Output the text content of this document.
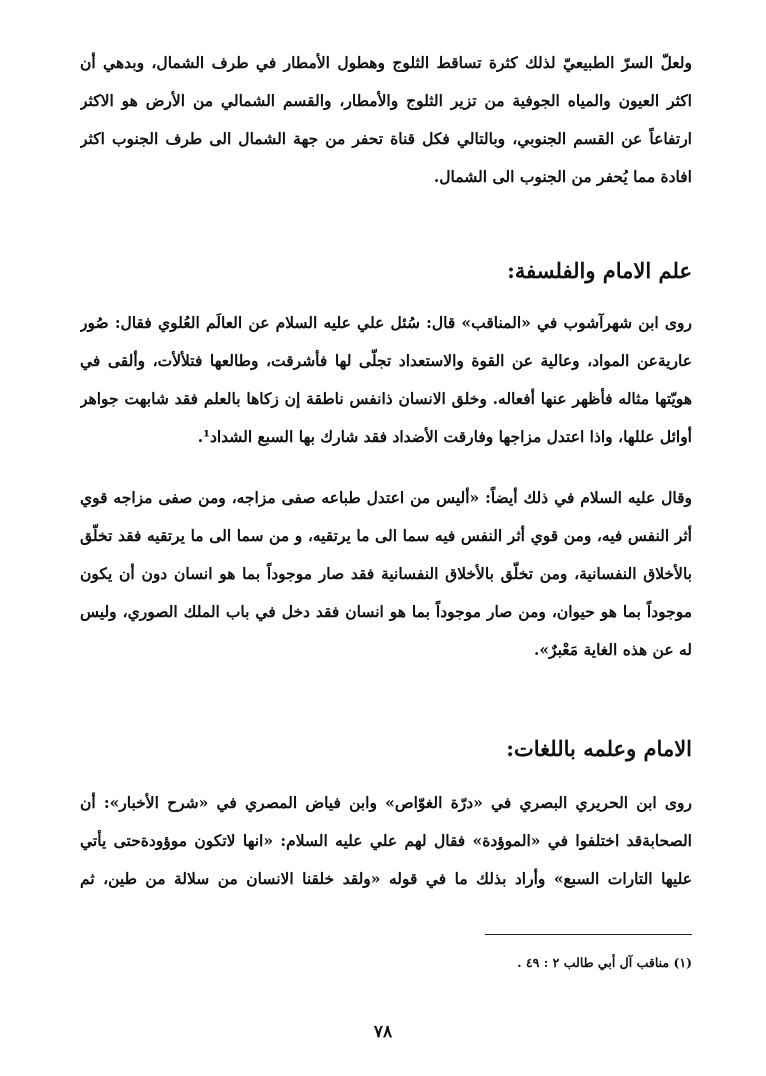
ولعلّ السرّ الطبيعيّ لذلك كثرة تساقط الثلوج وهطول الأمطار في طرف الشمال، وبدهي أن
اكثر العيون والمياه الجوفية من تزير الثلوج والأمطار، والقسم الشمالي من الأرض هو الاكثر
ارتفاعاً عن القسم الجنوبي، وبالتالي فكل قناة تحفر من جهة الشمال الى طرف الجنوب اكثر
افادة مما يُحفر من الجنوب الى الشمال.
علم الامام والفلسفة:
روى ابن شهرآشوب في «المناقب» قال: سُئل علي عليه السلام عن العالَم العُلوي فقال: صُور
عاريةعن المواد، وعالية عن القوة والاستعداد تجلّى لها فأشرقت، وطالعها فتلألأت، وألقى في
هويّتها مثاله فأظهر عنها أفعاله. وخلق الانسان ذانفس ناطقة إن زكاها بالعلم فقد شابهت جواهر
أوائل عللها، واذا اعتدل مزاجها وفارقت الأضداد فقد شارك بها السبع الشداد¹.
وقال عليه السلام في ذلك أيضاً: «أليس من اعتدل طباعه صفى مزاجه، ومن صفى مزاجه قوي
أثر النفس فيه، ومن قوي أثر النفس فيه سما الى ما يرتقيه، و من سما الى ما يرتقيه فقد تخلّق
بالأخلاق النفسانية، ومن تخلّق بالأخلاق النفسانية فقد صار موجوداً بما هو انسان دون أن يكون
موجوداً بما هو حيوان، ومن صار موجوداً بما هو انسان فقد دخل في باب الملك الصوري، وليس
له عن هذه الغاية مَعْبرٌ».
الامام وعلمه باللغات:
روى ابن الحريري البصري في «درّة الغوّاص» وابن فياض المصري في «شرح الأخبار»: أن
الصحابةقد اختلفوا في «الموؤدة» فقال لهم علي عليه السلام: «انها لاتكون موؤودةحتى يأتي
عليها التارات السبع» وأراد بذلك ما في قوله «ولقد خلقنا الانسان من سلالة من طين، ثم
(١) مناقب آل أبي طالب ٢ : ٤٩ .
٧٨
